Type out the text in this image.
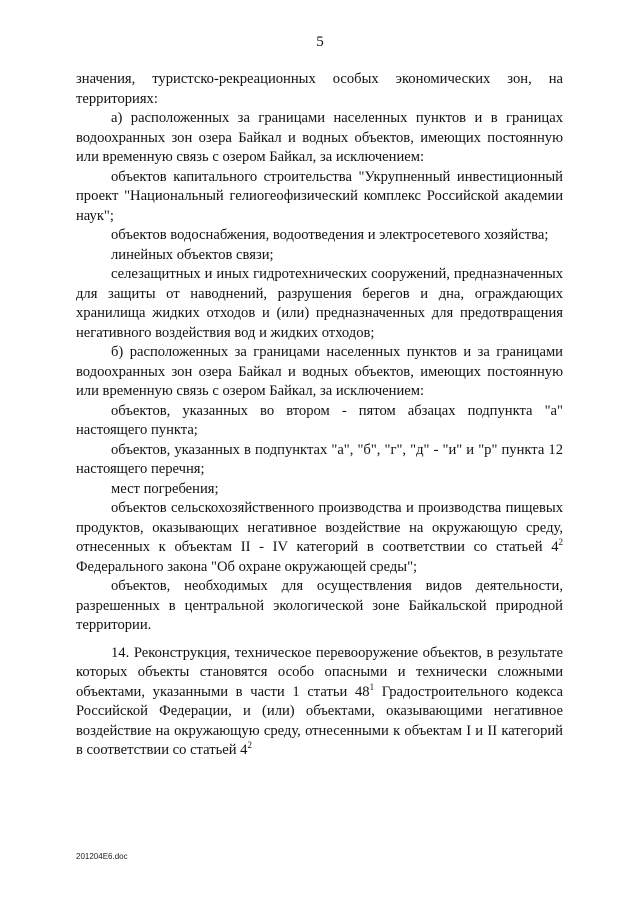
5

значения, туристско-рекреационных особых экономических зон, на территориях:

а) расположенных за границами населенных пунктов и в границах водоохранных зон озера Байкал и водных объектов, имеющих постоянную или временную связь с озером Байкал, за исключением:

объектов капитального строительства "Укрупненный инвестиционный проект "Национальный гелиогеофизический комплекс Российской академии наук";

объектов водоснабжения, водоотведения и электросетевого хозяйства;

линейных объектов связи;

селезащитных и иных гидротехнических сооружений, предназначенных для защиты от наводнений, разрушения берегов и дна, ограждающих хранилища жидких отходов и (или) предназначенных для предотвращения негативного воздействия вод и жидких отходов;

б) расположенных за границами населенных пунктов и за границами водоохранных зон озера Байкал и водных объектов, имеющих постоянную или временную связь с озером Байкал, за исключением:

объектов, указанных во втором - пятом абзацах подпункта "а" настоящего пункта;

объектов, указанных в подпунктах "а", "б", "г", "д" - "и" и "р" пункта 12 настоящего перечня;

мест погребения;

объектов сельскохозяйственного производства и производства пищевых продуктов, оказывающих негативное воздействие на окружающую среду, отнесенных к объектам II - IV категорий в соответствии со статьей $4^2$ Федерального закона "Об охране окружающей среды";

объектов, необходимых для осуществления видов деятельности, разрешенных в центральной экологической зоне Байкальской природной территории.

14. Реконструкция, техническое перевооружение объектов, в результате которых объекты становятся особо опасными и технически сложными объектами, указанными в части 1 статьи $48^1$ Градостроительного кодекса Российской Федерации, и (или) объектами, оказывающими негативное воздействие на окружающую среду, отнесенными к объектам I и II категорий в соответствии со статьей $4^2$

201204E6.doc
